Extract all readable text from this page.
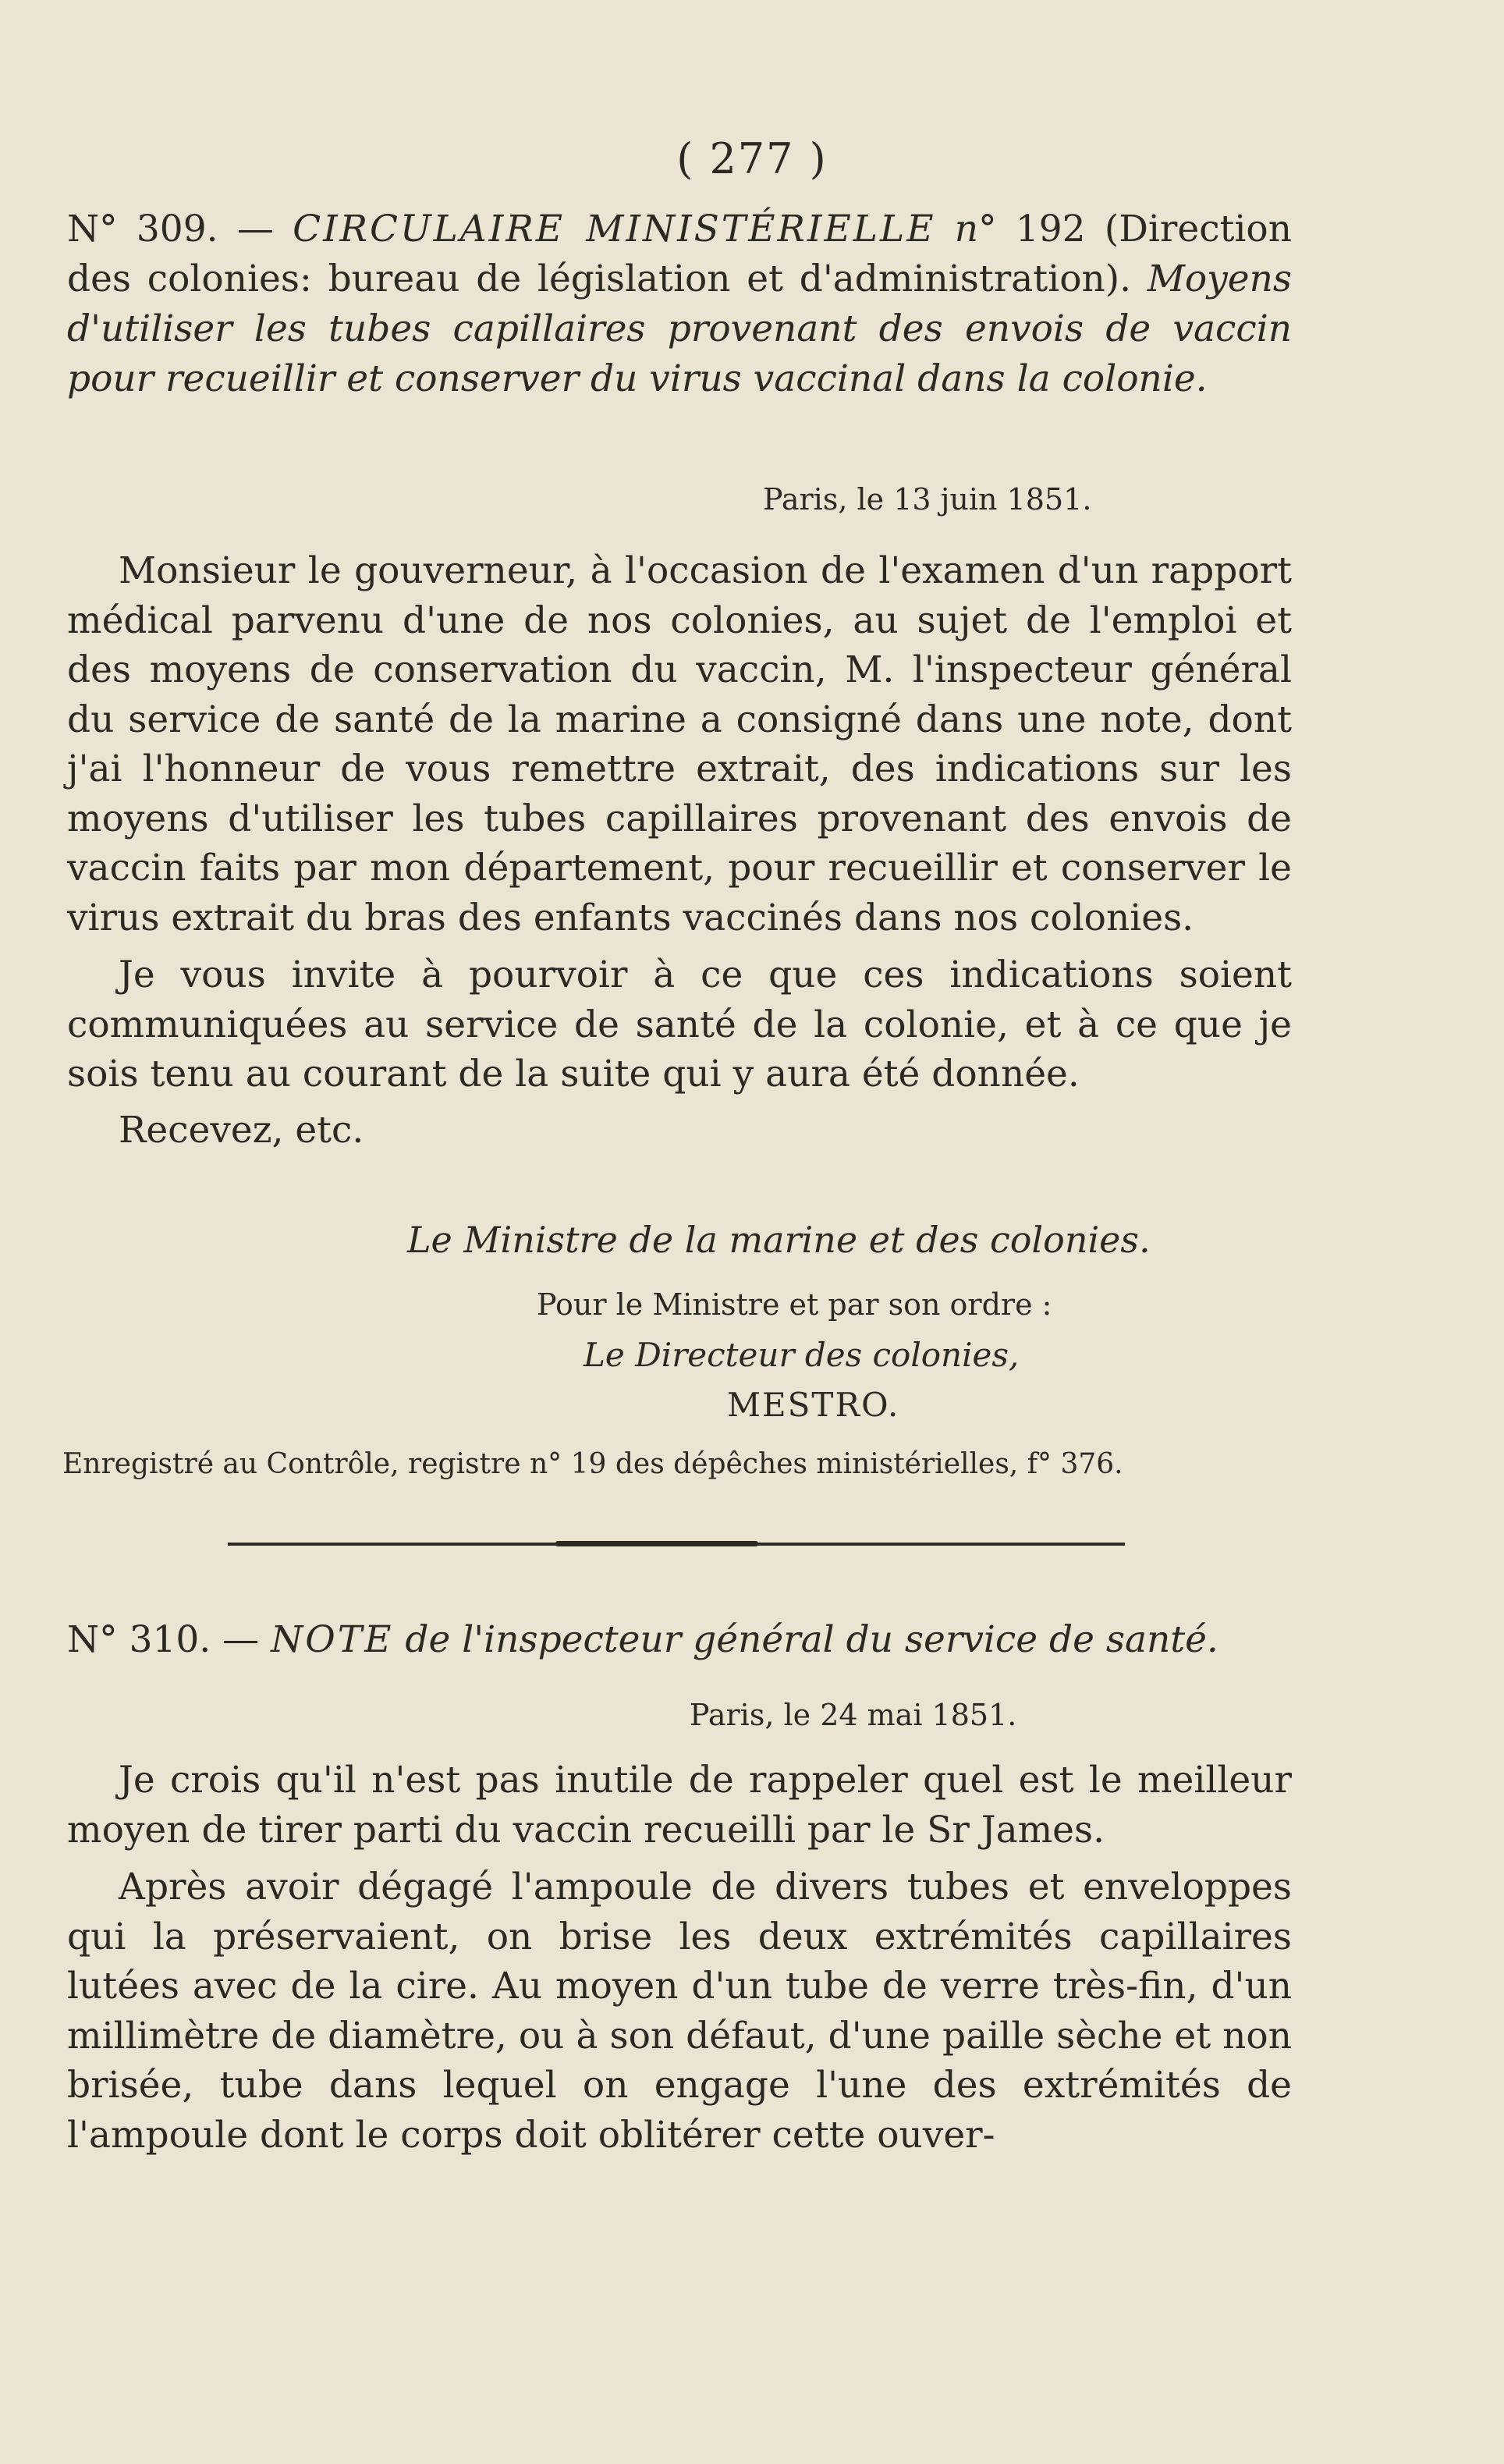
( 277 )
N° 309. — CIRCULAIRE MINISTÉRIELLE n° 192 (Direction des colonies: bureau de législation et d'administration). Moyens d'utiliser les tubes capillaires provenant des envois de vaccin pour recueillir et conserver du virus vaccinal dans la colonie.
Paris, le 13 juin 1851.

Monsieur le gouverneur, à l'occasion de l'examen d'un rapport médical parvenu d'une de nos colonies, au sujet de l'emploi et des moyens de conservation du vaccin, M. l'inspecteur général du service de santé de la marine a consigné dans une note, dont j'ai l'honneur de vous remettre extrait, des indications sur les moyens d'utiliser les tubes capillaires provenant des envois de vaccin faits par mon département, pour recueillir et conserver le virus extrait du bras des enfants vaccinés dans nos colonies.

Je vous invite à pourvoir à ce que ces indications soient communiquées au service de santé de la colonie, et à ce que je sois tenu au courant de la suite qui y aura été donnée.

Recevez, etc.

Le Ministre de la marine et des colonies.
Pour le Ministre et par son ordre :
Le Directeur des colonies,
MESTRO.
Enregistré au Contrôle, registre n° 19 des dépêches ministérielles, f° 376.
N° 310. — NOTE de l'inspecteur général du service de santé.
Paris, le 24 mai 1851.

Je crois qu'il n'est pas inutile de rappeler quel est le meilleur moyen de tirer parti du vaccin recueilli par le Sr James.

Après avoir dégagé l'ampoule de divers tubes et enveloppes qui la préservaient, on brise les deux extrémités capillaires lutées avec de la cire. Au moyen d'un tube de verre très-fin, d'un millimètre de diamètre, ou à son défaut, d'une paille sèche et non brisée, tube dans lequel on engage l'une des extrémités de l'ampoule dont le corps doit oblitérer cette ouver-
